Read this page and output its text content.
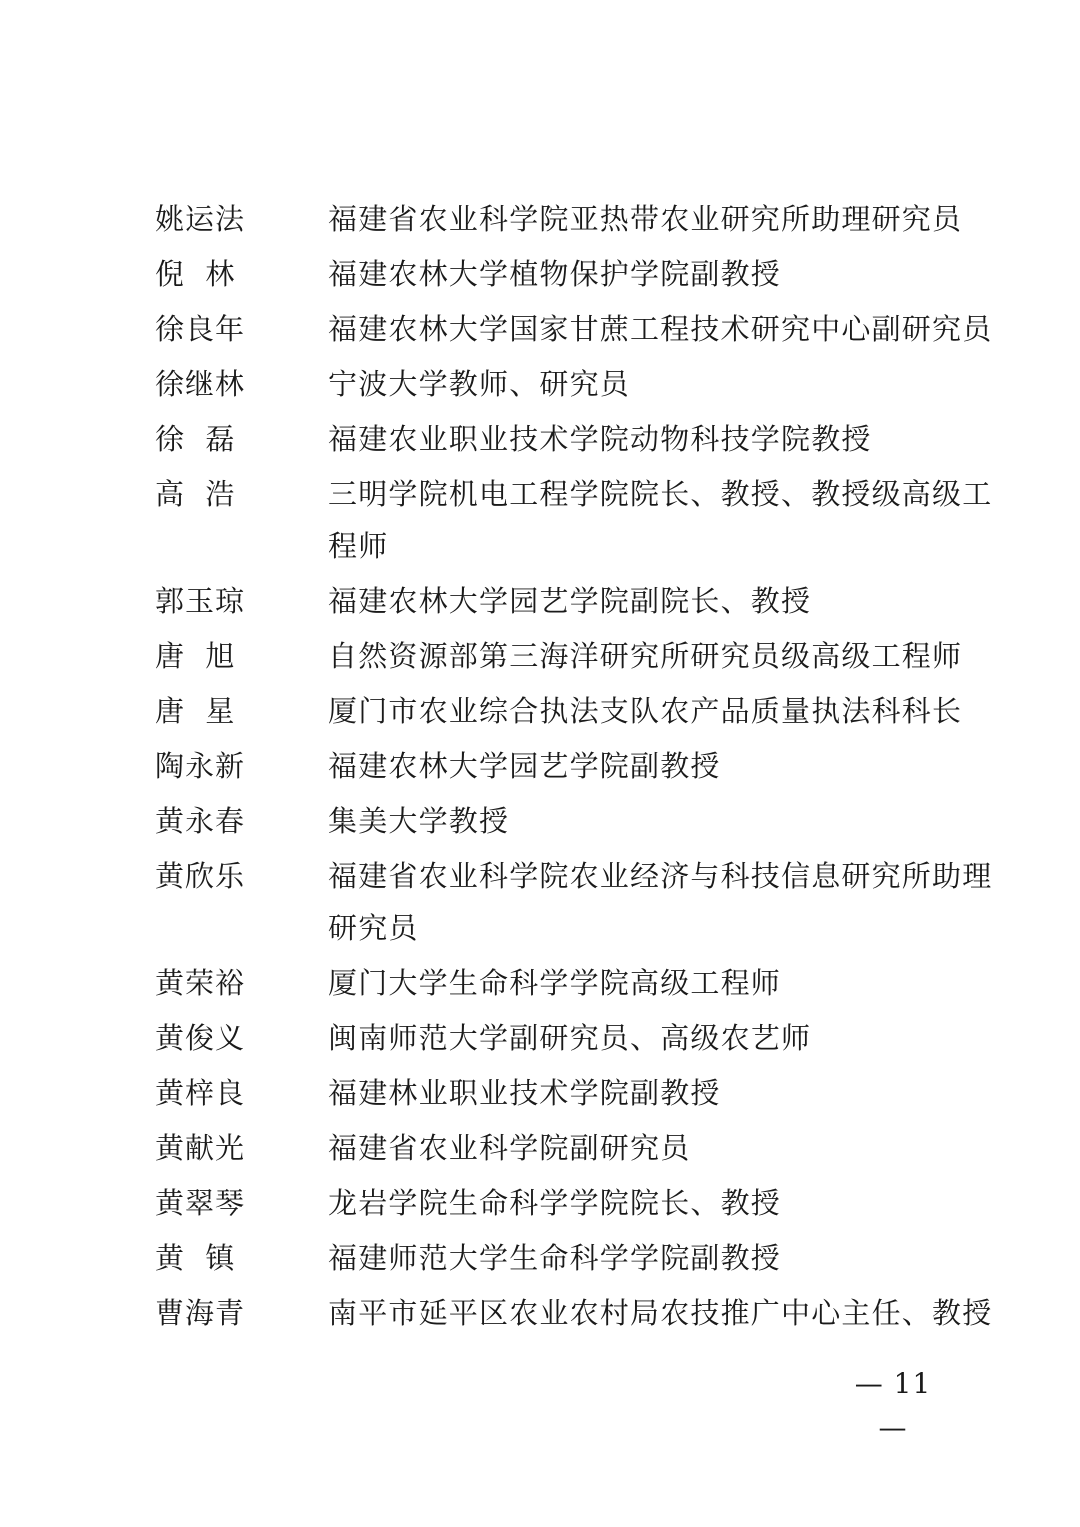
姚运法	福建省农业科学院亚热带农业研究所助理研究员
倪  林	福建农林大学植物保护学院副教授
徐良年	福建农林大学国家甘蔗工程技术研究中心副研究员
徐继林	宁波大学教师、研究员
徐  磊	福建农业职业技术学院动物科技学院教授
高  浩	三明学院机电工程学院院长、教授、教授级高级工程师
郭玉琼	福建农林大学园艺学院副院长、教授
唐  旭	自然资源部第三海洋研究所研究员级高级工程师
唐  星	厦门市农业综合执法支队农产品质量执法科科长
陶永新	福建农林大学园艺学院副教授
黄永春	集美大学教授
黄欣乐	福建省农业科学院农业经济与科技信息研究所助理研究员
黄荣裕	厦门大学生命科学学院高级工程师
黄俊义	闽南师范大学副研究员、高级农艺师
黄梓良	福建林业职业技术学院副教授
黄献光	福建省农业科学院副研究员
黄翠琴	龙岩学院生命科学学院院长、教授
黄  镇	福建师范大学生命科学学院副教授
曹海青	南平市延平区农业农村局农技推广中心主任、教授
— 11 —
